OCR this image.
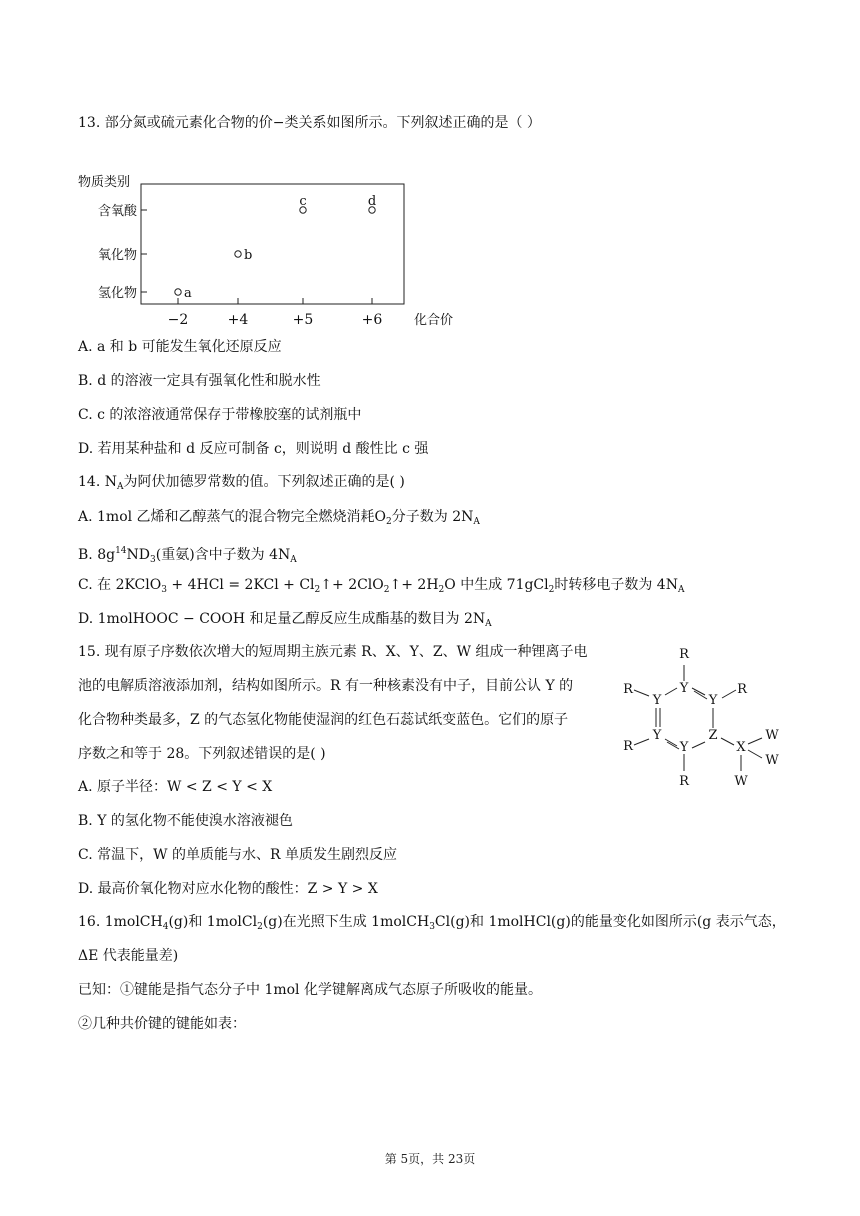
13. 部分氮或硫元素化合物的价−类关系如图所示。下列叙述正确的是（ ）
物质类别
化合价
氢化物
氧化物
含氧酸
−2	+4	+5	+6
a
b
c	d
A. a 和 b 可能发生氧化还原反应
B. d 的溶液一定具有强氧化性和脱水性
C. c 的浓溶液通常保存于带橡胶塞的试剂瓶中
D. 若用某种盐和 d 反应可制备 c，则说明 d 酸性比 c 强
14. $N_A$为阿伏加德罗常数的值。下列叙述正确的是( )
A. 1mol 乙烯和乙醇蒸气的混合物完全燃烧消耗$O_2$分子数为 $2N_A$
B. $8g^{14}ND_3$(重氨)含中子数为 $4N_A$
C. 在 2KClO$_3$ + $4HCl = 2KCl + Cl_2↑+$ 2ClO$_2$↑+ $2H_2O$ 中生成 71gCl$_2$时转移电子数为 $4N_A$
D. 1molHOOC − COOH 和足量乙醇反应生成酯基的数目为 $2N_A$
15. 现有原子序数依次增大的短周期主族元素 R、X、Y、Z、W 组成一种锂离子电
池的电解质溶液添加剂，结构如图所示。R 有一种核素没有中子，目前公认 Y 的
化合物种类最多，Z 的气态氢化物能使湿润的红色石蕊试纸变蓝色。它们的原子
序数之和等于 28。下列叙述错误的是( )
A. 原子半径：W < Z < Y < X
B. Y 的氢化物不能使溴水溶液褪色
C. 常温下，W 的单质能与水、R 单质发生剧烈反应
D. 最高价氧化物对应水化物的酸性：Z > Y > X
R
Y
R
Y	Y
R
R
Y
Y
Z
X
W
W
R	W
16. 1molCH$_4$(g)和 1molCl$_2$(g)在光照下生成 1molCH$_3$Cl(g)和 1molHCl(g)的能量变化如图所示(g 表示气态，
ΔE 代表能量差)
已知：①键能是指气态分子中 1mol 化学键解离成气态原子所吸收的能量。
②几种共价键的键能如表：
第 5页，共 23页
